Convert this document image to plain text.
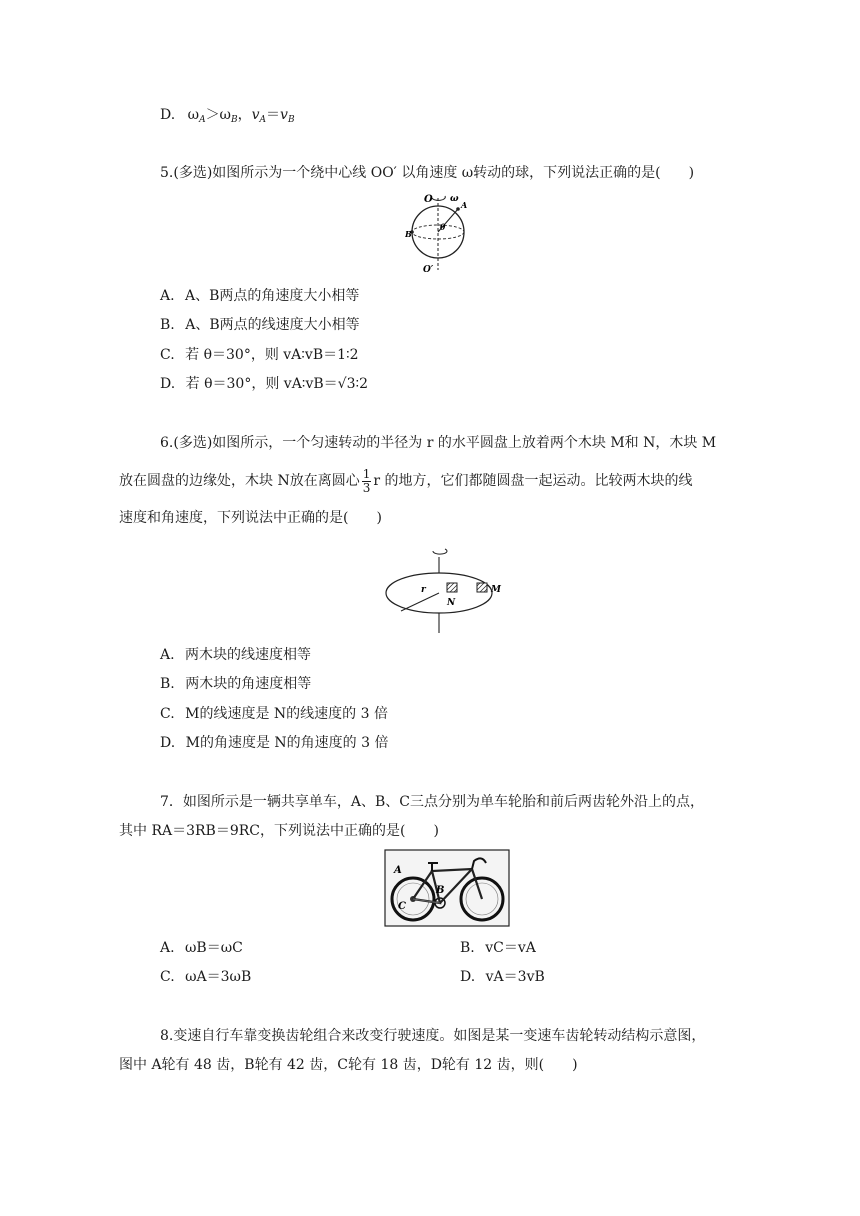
D. $\omega_A>\omega_B$，$v_A=v_B$
5.(多选)如图所示为一个绕中心线 OO′ 以角速度 ω转动的球，下列说法正确的是(　　)
O ω
A
B
θ
O′
A. A、B两点的角速度大小相等
B. A、B两点的线速度大小相等
C. 若 θ＝30°，则 vA∶vB＝1∶2
D. 若 θ＝30°，则 vA∶vB＝√3∶2
6.(多选)如图所示，一个匀速转动的半径为 r 的水平圆盘上放着两个木块 M和 N，木块 M
放在圆盘的边缘处，木块 N放在离圆心 $\frac{1}{3}$ r 的地方，它们都随圆盘一起运动。比较两木块的线
速度和角速度，下列说法中正确的是(　　)
r
N
M
A. 两木块的线速度相等
B. 两木块的角速度相等
C. M的线速度是 N的线速度的 3 倍
D. M的角速度是 N的角速度的 3 倍
7．如图所示是一辆共享单车，A、B、C三点分别为单车轮胎和前后两齿轮外沿上的点，
其中 RA＝3RB＝9RC，下列说法中正确的是(　　)
A
B
C
A. ωB＝ωC	B. vC＝vA
C. ωA＝3ωB	D. vA＝3vB
8.变速自行车靠变换齿轮组合来改变行驶速度。如图是某一变速车齿轮转动结构示意图，
图中 A轮有 48 齿，B轮有 42 齿，C轮有 18 齿，D轮有 12 齿，则(　　)
